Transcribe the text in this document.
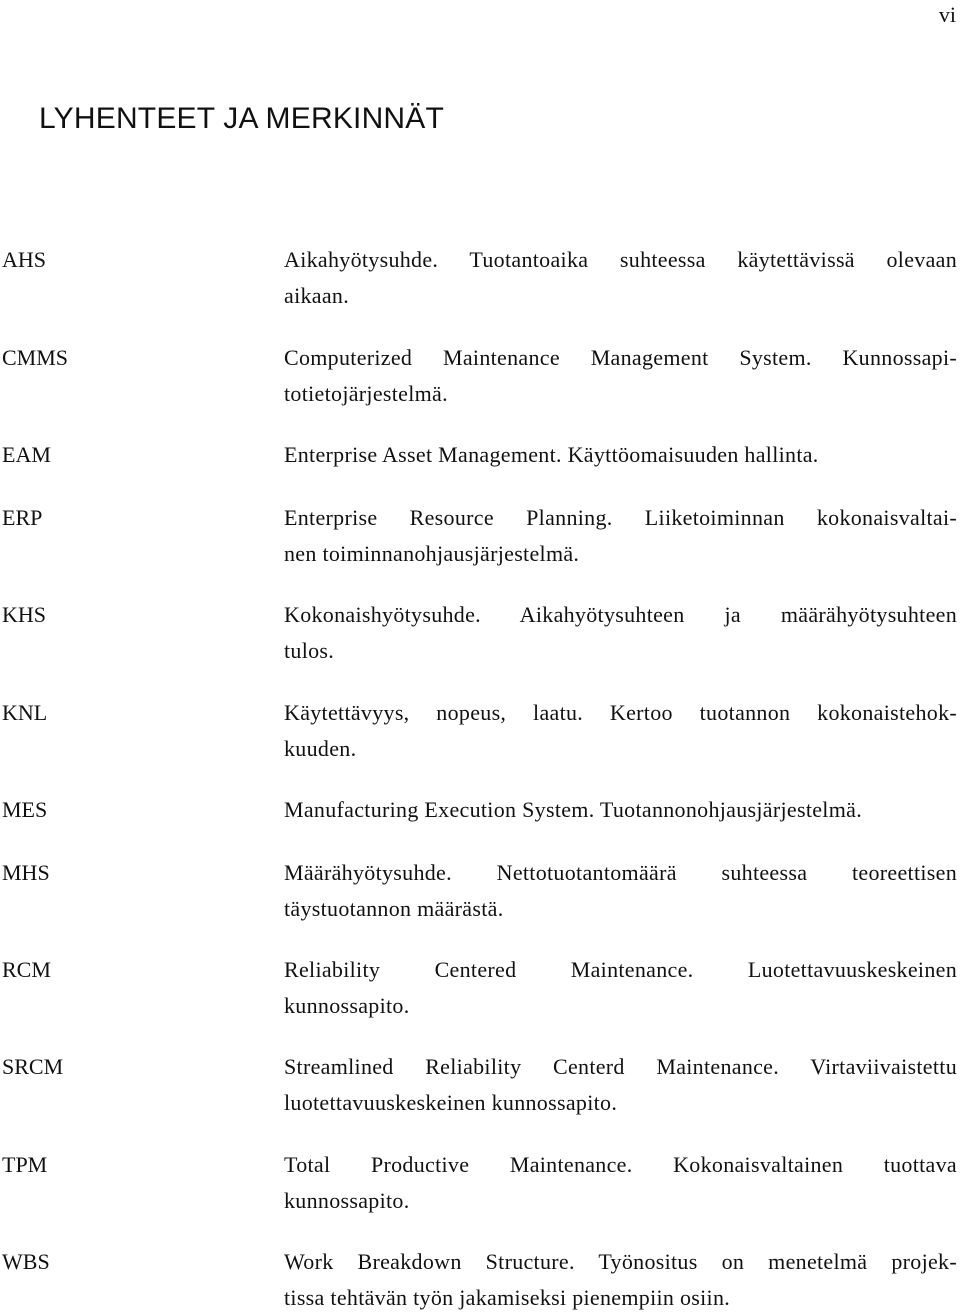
vi
LYHENTEET JA MERKINNÄT
AHS	Aikahyötysuhde. Tuotantoaika suhteessa käytettävissä olevaan
aikaan.
CMMS	Computerized Maintenance Management System. Kunnossapi-
totietojärjestelmä.
EAM	Enterprise Asset Management. Käyttöomaisuuden hallinta.
ERP	Enterprise Resource Planning. Liiketoiminnan kokonaisvaltai-
nen toiminnanohjausjärjestelmä.
KHS	Kokonaishyötysuhde. Aikahyötysuhteen ja määrähyötysuhteen
tulos.
KNL	Käytettävyys, nopeus, laatu. Kertoo tuotannon kokonaistehok-
kuuden.
MES	Manufacturing Execution System. Tuotannonohjausjärjestelmä.
MHS	Määrähyötysuhde. Nettotuotantomäärä suhteessa teoreettisen
täystuotannon määrästä.
RCM	Reliability Centered Maintenance. Luotettavuuskeskeinen
kunnossapito.
SRCM	Streamlined Reliability Centerd Maintenance. Virtaviivaistettu
luotettavuuskeskeinen kunnossapito.
TPM	Total Productive Maintenance. Kokonaisvaltainen tuottava
kunnossapito.
WBS	Work Breakdown Structure. Työnositus on menetelmä projek-
tissa tehtävän työn jakamiseksi pienempiin osiin.
